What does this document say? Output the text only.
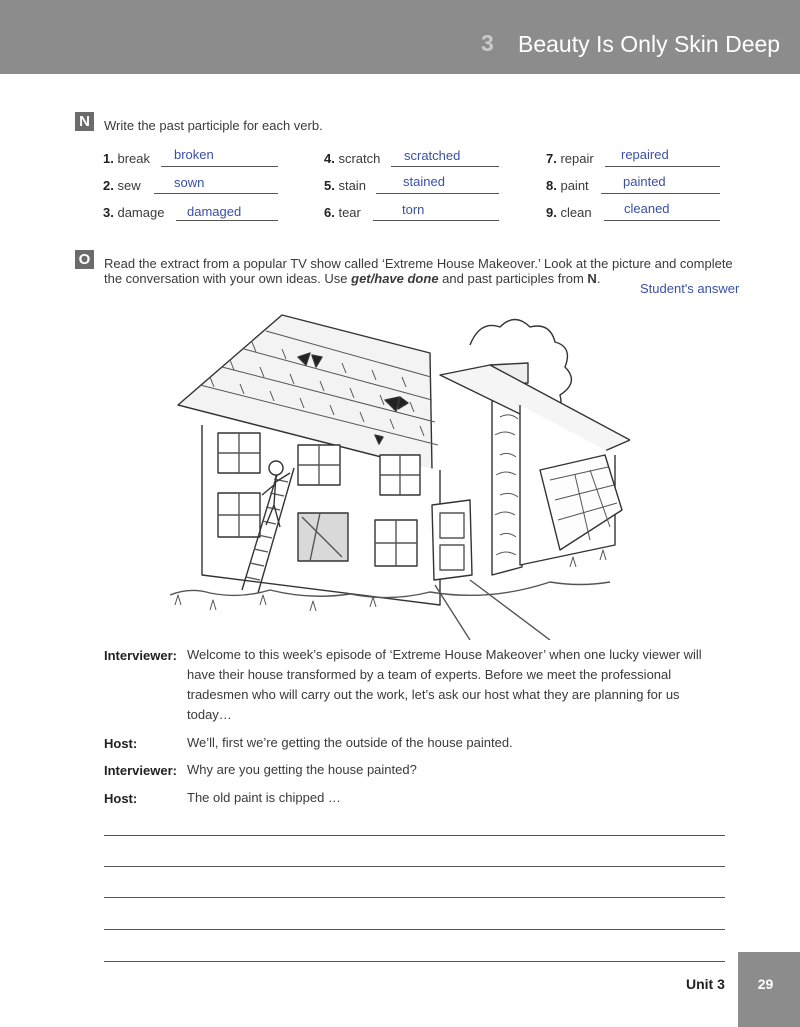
3 Beauty Is Only Skin Deep
N	Write the past participle for each verb.
1. break broken
2. sew	sown
3. damage damaged
4. scratch scratched
5. stain	stained
6. tear	torn
7. repair repaired
8. paint	painted
9. clean cleaned
O Read the extract from a popular TV show called ‘Extreme House Makeover.’ Look at the picture and complete
the conversation with your own ideas. Use get/have done and past participles from N.
Student's answer
Interviewer: Welcome to this week’s episode of ‘Extreme House Makeover’ when one lucky viewer will have their house transformed by a team of experts. Before we meet the professional tradesmen who will carry out the work, let’s ask our host what they are planning for us today…
Host:	We’ll, first we’re getting the outside of the house painted.
Interviewer: Why are you getting the house painted?
Host:	The old paint is chipped …
Unit 3	29
